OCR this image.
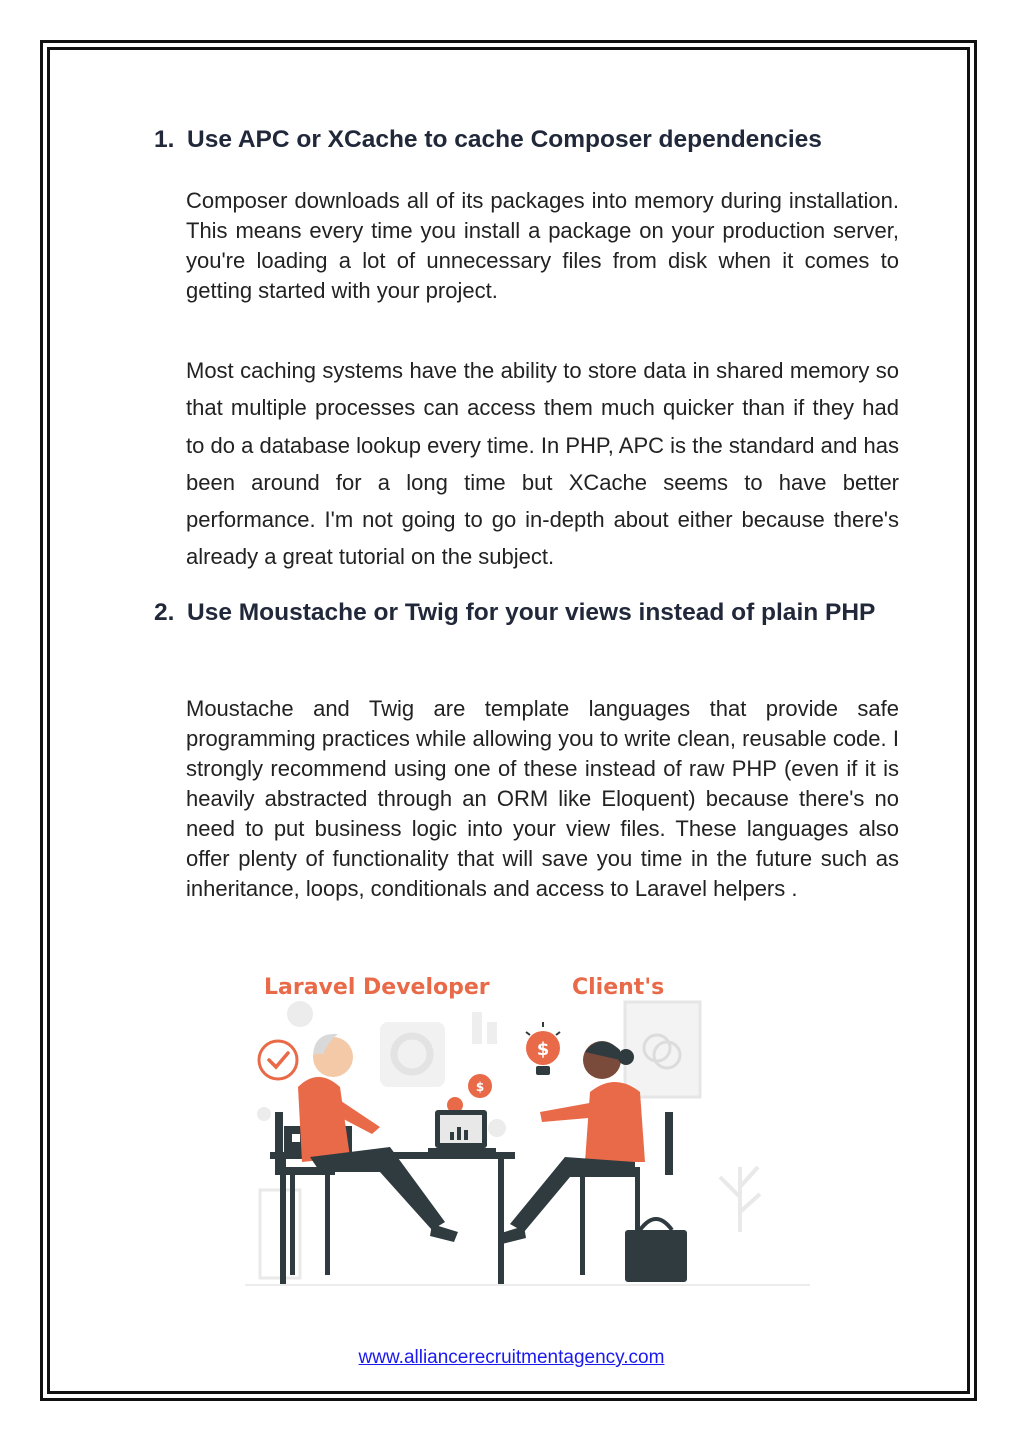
1. Use APC or XCache to cache Composer dependencies

Composer downloads all of its packages into memory during installation. This means every time you install a package on your production server, you're loading a lot of unnecessary files from disk when it comes to getting started with your project.

Most caching systems have the ability to store data in shared memory so that multiple processes can access them much quicker than if they had to do a database lookup every time. In PHP, APC is the standard and has been around for a long time but XCache seems to have better performance. I'm not going to go in-depth about either because there's already a great tutorial on the subject.

2. Use Moustache or Twig for your views instead of plain PHP

Moustache and Twig are template languages that provide safe programming practices while allowing you to write clean, reusable code. I strongly recommend using one of these instead of raw PHP (even if it is heavily abstracted through an ORM like Eloquent) because there's no need to put business logic into your view files. These languages also offer plenty of functionality that will save you time in the future such as inheritance, loops, conditionals and access to Laravel helpers .

Laravel Developer	Client's
$
$
www.alliancerecruitmentagency.com
